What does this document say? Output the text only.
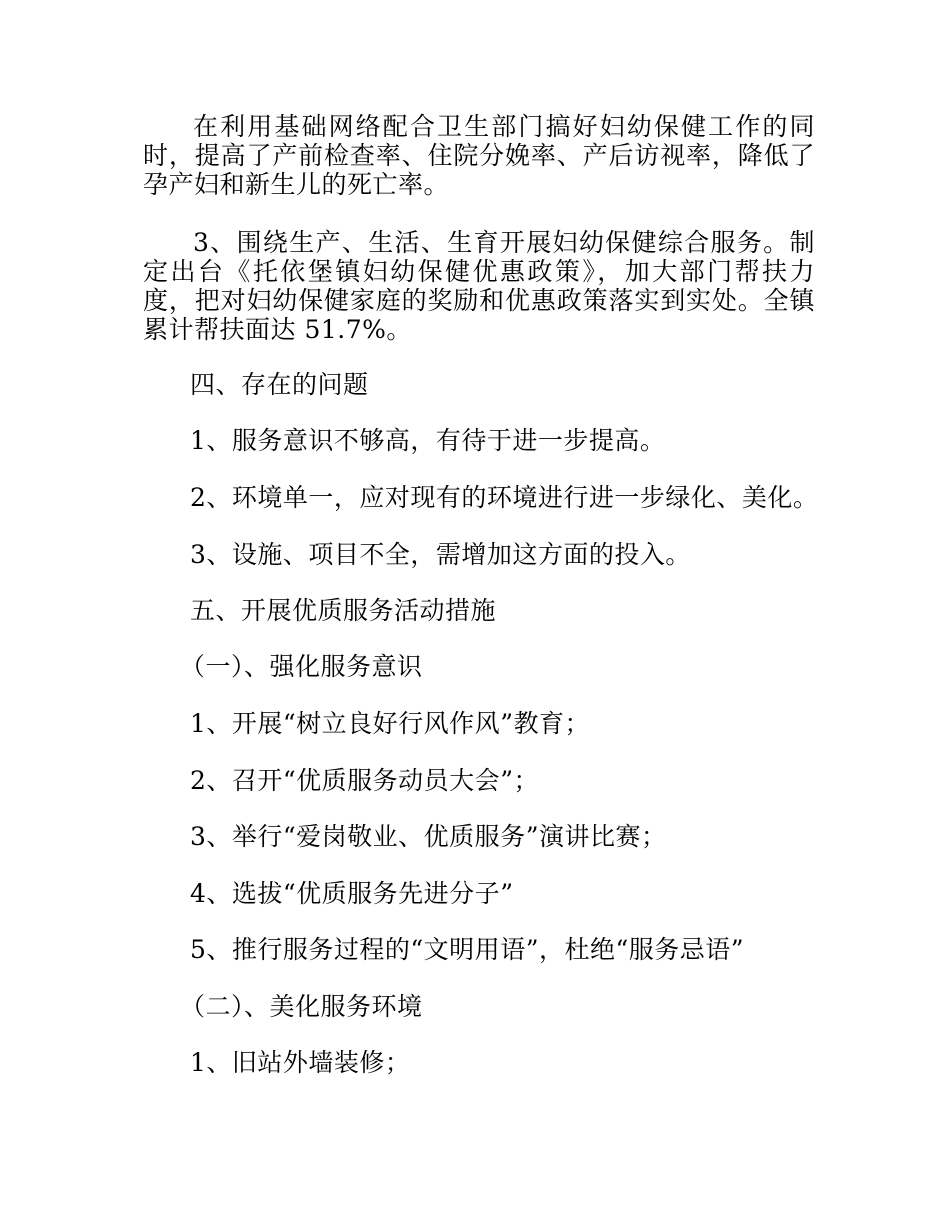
在利用基础网络配合卫生部门搞好妇幼保健工作的同时，提高了产前检查率、住院分娩率、产后访视率，降低了孕产妇和新生儿的死亡率。

3、围绕生产、生活、生育开展妇幼保健综合服务。制定出台《托依堡镇妇幼保健优惠政策》，加大部门帮扶力度，把对妇幼保健家庭的奖励和优惠政策落实到实处。全镇累计帮扶面达 51.7%。

四、存在的问题

1、服务意识不够高，有待于进一步提高。

2、环境单一，应对现有的环境进行进一步绿化、美化。

3、设施、项目不全，需增加这方面的投入。

五、开展优质服务活动措施

（一）、强化服务意识

1、开展“树立良好行风作风”教育；

2、召开“优质服务动员大会”；

3、举行“爱岗敬业、优质服务”演讲比赛；

4、选拔“优质服务先进分子”

5、推行服务过程的“文明用语”，杜绝“服务忌语”

（二）、美化服务环境

1、旧站外墙装修；
